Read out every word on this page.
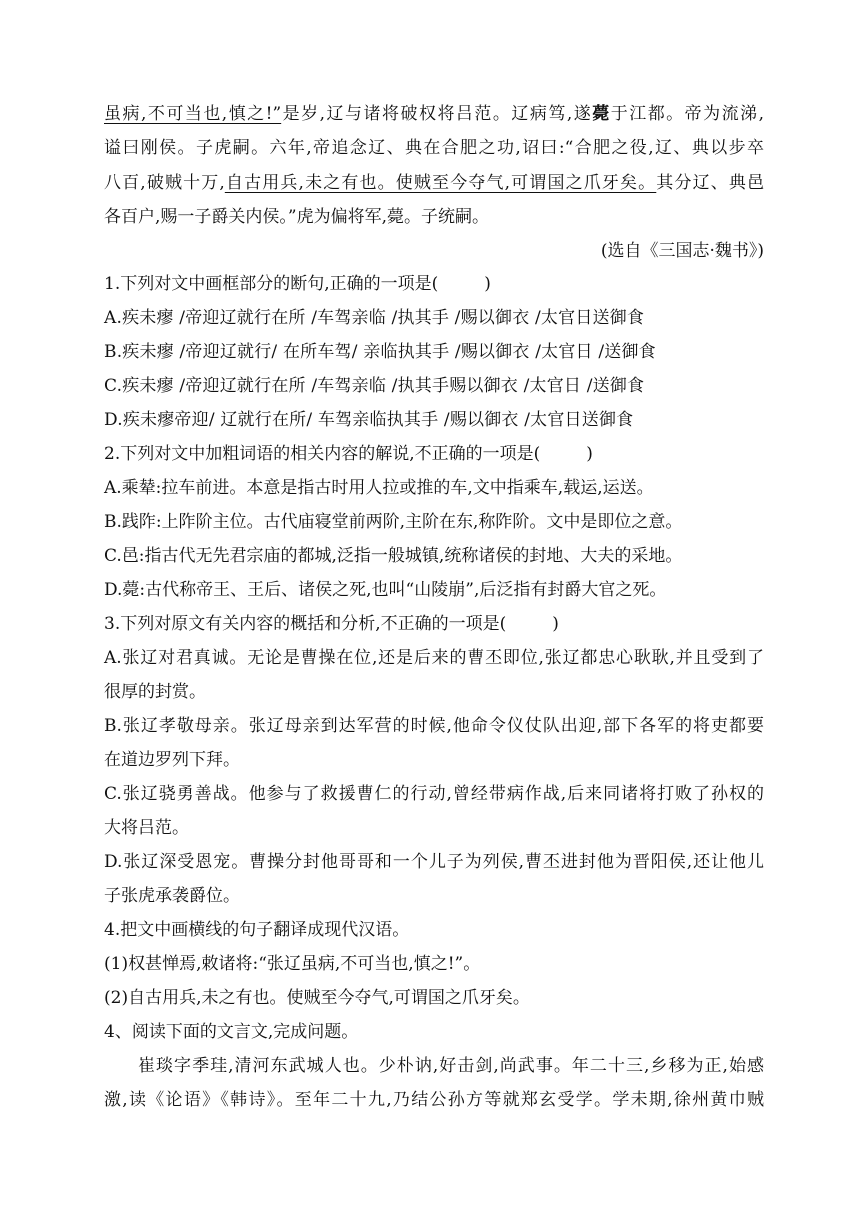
虽病,不可当也,慎之!”是岁,辽与诸将破权将吕范。辽病笃,遂薨于江都。帝为流涕,
谥曰刚侯。子虎嗣。六年,帝追念辽、典在合肥之功,诏曰:“合肥之役,辽、典以步卒
八百,破贼十万,自古用兵,未之有也。使贼至今夺气,可谓国之爪牙矣。其分辽、典邑
各百户,赐一子爵关内侯。”虎为偏将军,薨。子统嗣。
(选自《三国志·魏书》)
1.下列对文中画框部分的断句,正确的一项是(	)
A.疾未瘳 /帝迎辽就行在所 /车驾亲临 /执其手 /赐以御衣 /太官日送御食
B.疾未瘳 /帝迎辽就行/ 在所车驾/ 亲临执其手 /赐以御衣 /太官日 /送御食
C.疾未瘳 /帝迎辽就行在所 /车驾亲临 /执其手赐以御衣 /太官日 /送御食
D.疾未瘳帝迎/ 辽就行在所/ 车驾亲临执其手 /赐以御衣 /太官日送御食
2.下列对文中加粗词语的相关内容的解说,不正确的一项是(	)
A.乘辇:拉车前进。本意是指古时用人拉或推的车,文中指乘车,载运,运送。
B.践阼:上阼阶主位。古代庙寝堂前两阶,主阶在东,称阼阶。文中是即位之意。
C.邑:指古代无先君宗庙的都城,泛指一般城镇,统称诸侯的封地、大夫的采地。
D.薨:古代称帝王、王后、诸侯之死,也叫“山陵崩”,后泛指有封爵大官之死。
3.下列对原文有关内容的概括和分析,不正确的一项是(	)
A.张辽对君真诚。无论是曹操在位,还是后来的曹丕即位,张辽都忠心耿耿,并且受到了
很厚的封赏。
B.张辽孝敬母亲。张辽母亲到达军营的时候,他命令仪仗队出迎,部下各军的将吏都要
在道边罗列下拜。
C.张辽骁勇善战。他参与了救援曹仁的行动,曾经带病作战,后来同诸将打败了孙权的
大将吕范。
D.张辽深受恩宠。曹操分封他哥哥和一个儿子为列侯,曹丕进封他为晋阳侯,还让他儿
子张虎承袭爵位。
4.把文中画横线的句子翻译成现代汉语。
(1)权甚惮焉,敕诸将:“张辽虽病,不可当也,慎之!”。
(2)自古用兵,未之有也。使贼至今夺气,可谓国之爪牙矣。
4、阅读下面的文言文,完成问题。
崔琰字季珪,清河东武城人也。少朴讷,好击剑,尚武事。年二十三,乡移为正,始感
激,读《论语》《韩诗》。至年二十九,乃结公孙方等就郑玄受学。学未期,徐州黄巾贼
